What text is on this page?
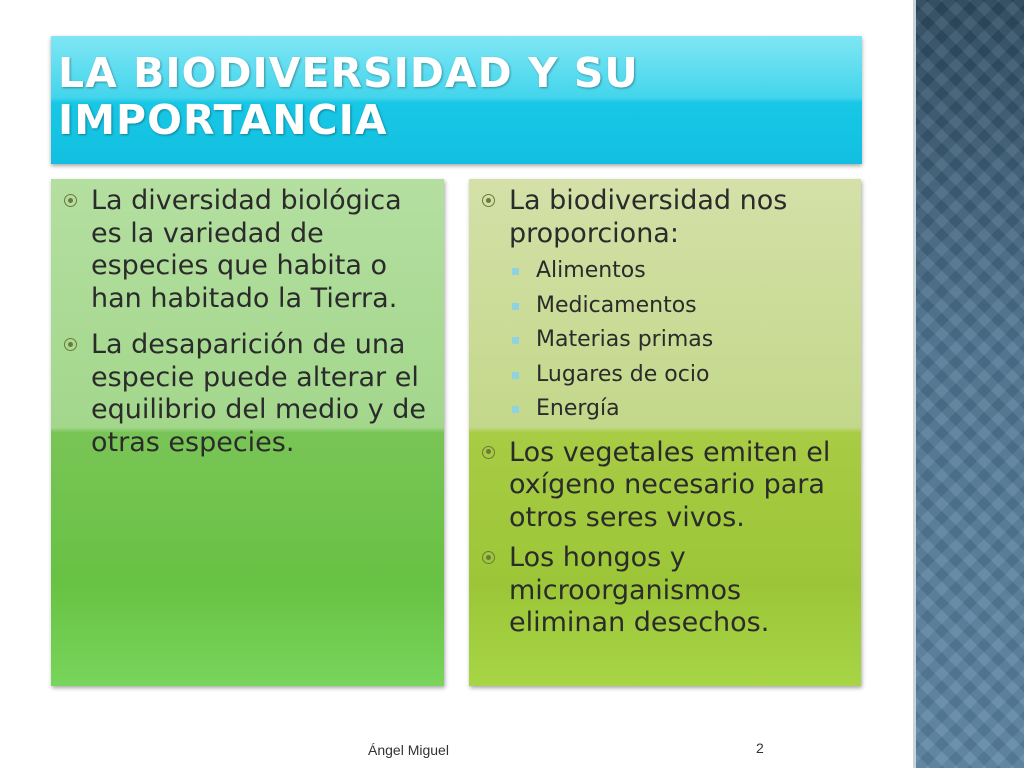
LA BIODIVERSIDAD Y SU IMPORTANCIA
La diversidad biológica es la variedad de especies que habita o han habitado la Tierra.
La desaparición de una especie puede alterar el equilibrio del medio y de otras especies.
La biodiversidad nos proporciona:
Alimentos
Medicamentos
Materias primas
Lugares de ocio
Energía
Los vegetales emiten el oxígeno necesario para otros seres vivos.
Los hongos y microorganismos eliminan desechos.
Ángel Miguel	2
